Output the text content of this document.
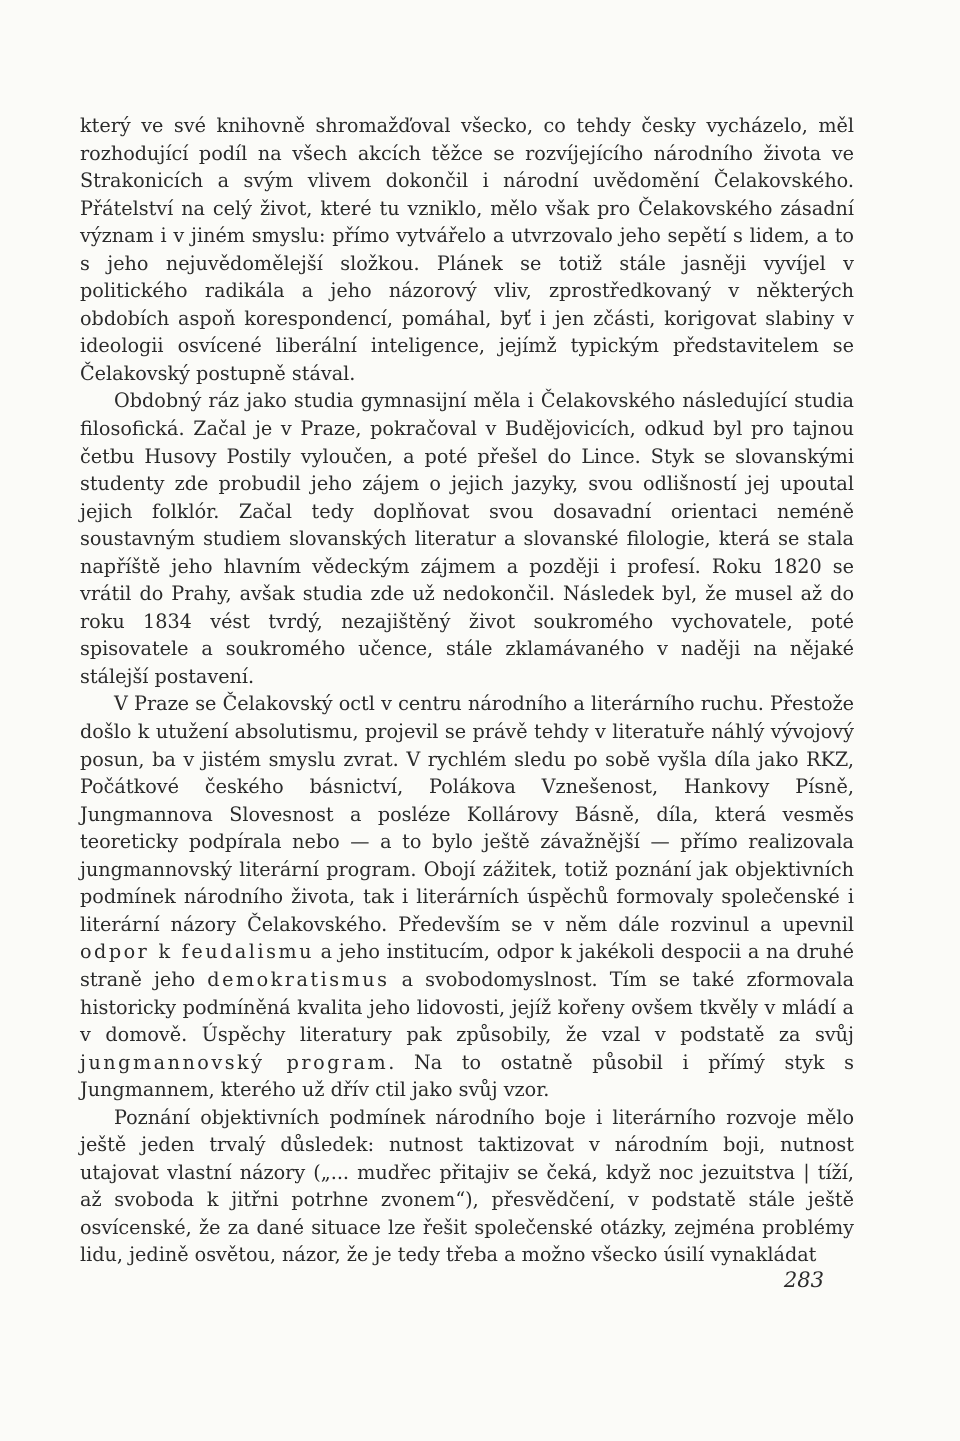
který ve své knihovně shromažďoval všecko, co tehdy česky vycházelo, měl rozhodující podíl na všech akcích těžce se rozvíjejícího národního života ve Strakonicích a svým vlivem dokončil i národní uvědomění Čelakovského. Přátelství na celý život, které tu vzniklo, mělo však pro Čelakovského zásadní význam i v jiném smyslu: přímo vytvářelo a utvrzovalo jeho sepětí s lidem, a to s jeho nejuvědomělejší složkou. Plánek se totiž stále jasněji vyvíjel v politického radikála a jeho názorový vliv, zprostředkovaný v některých obdobích aspoň korespondencí, pomáhal, byť i jen zčásti, korigovat slabiny v ideologii osvícené liberální inteligence, jejímž typickým představitelem se Čelakovský postupně stával.

Obdobný ráz jako studia gymnasijní měla i Čelakovského následující studia filosofická. Začal je v Praze, pokračoval v Budějovicích, odkud byl pro tajnou četbu Husovy Postily vyloučen, a poté přešel do Lince. Styk se slovanskými studenty zde probudil jeho zájem o jejich jazyky, svou odlišností jej upoutal jejich folklór. Začal tedy doplňovat svou dosavadní orientaci neméně soustavným studiem slovanských literatur a slovanské filologie, která se stala napříště jeho hlavním vědeckým zájmem a později i profesí. Roku 1820 se vrátil do Prahy, avšak studia zde už nedokončil. Následek byl, že musel až do roku 1834 vést tvrdý, nezajištěný život soukromého vychovatele, poté spisovatele a soukromého učence, stále zklamávaného v naději na nějaké stálejší postavení.

V Praze se Čelakovský octl v centru národního a literárního ruchu. Přestože došlo k utužení absolutismu, projevil se právě tehdy v literatuře náhlý vývojový posun, ba v jistém smyslu zvrat. V rychlém sledu po sobě vyšla díla jako RKZ, Počátkové českého básnictví, Polákova Vznešenost, Hankovy Písně, Jungmannova Slovesnost a posléze Kollárovy Básně, díla, která vesměs teoreticky podpírala nebo — a to bylo ještě závažnější — přímo realizovala jungmannovský literární program. Obojí zážitek, totiž poznání jak objektivních podmínek národního života, tak i literárních úspěchů formovaly společenské i literární názory Čelakovského. Především se v něm dále rozvinul a upevnil odpor k feudalismu a jeho institucím, odpor k jakékoli despocii a na druhé straně jeho demokratismus a svobodomyslnost. Tím se také zformovala historicky podmíněná kvalita jeho lidovosti, jejíž kořeny ovšem tkvěly v mládí a v domově. Úspěchy literatury pak způsobily, že vzal v podstatě za svůj jungmannovský program. Na to ostatně působil i přímý styk s Jungmannem, kterého už dřív ctil jako svůj vzor.

Poznání objektivních podmínek národního boje i literárního rozvoje mělo ještě jeden trvalý důsledek: nutnost taktizovat v národním boji, nutnost utajovat vlastní názory („... mudřec přitajiv se čeká, když noc jezuitstva | tíží, až svoboda k jitřni potrhne zvonem“), přesvědčení, v podstatě stále ještě osvícenské, že za dané situace lze řešit společenské otázky, zejména problémy lidu, jedině osvětou, názor, že je tedy třeba a možno všecko úsilí vynakládat

283
